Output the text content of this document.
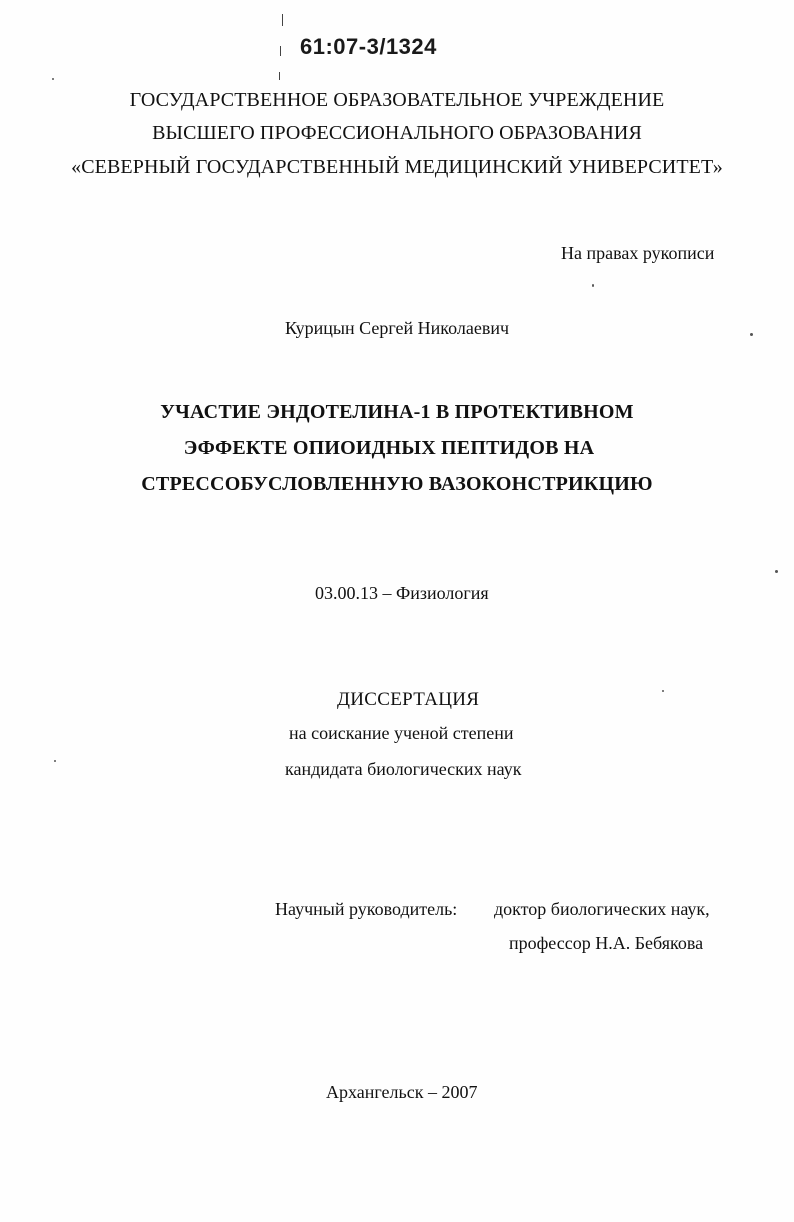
61:07-3/1324
ГОСУДАРСТВЕННОЕ ОБРАЗОВАТЕЛЬНОЕ УЧРЕЖДЕНИЕ
ВЫСШЕГО ПРОФЕССИОНАЛЬНОГО ОБРАЗОВАНИЯ
«СЕВЕРНЫЙ ГОСУДАРСТВЕННЫЙ МЕДИЦИНСКИЙ УНИВЕРСИТЕТ»
На правах рукописи
Курицын Сергей Николаевич
УЧАСТИЕ ЭНДОТЕЛИНА-1 В ПРОТЕКТИВНОМ
ЭФФЕКТЕ ОПИОИДНЫХ ПЕПТИДОВ НА
СТРЕССОБУСЛОВЛЕННУЮ ВАЗОКОНСТРИКЦИЮ
03.00.13 – Физиология
ДИССЕРТАЦИЯ
на соискание ученой степени
кандидата биологических наук
Научный руководитель: доктор биологических наук,
профессор Н.А. Бебякова
Архангельск – 2007
